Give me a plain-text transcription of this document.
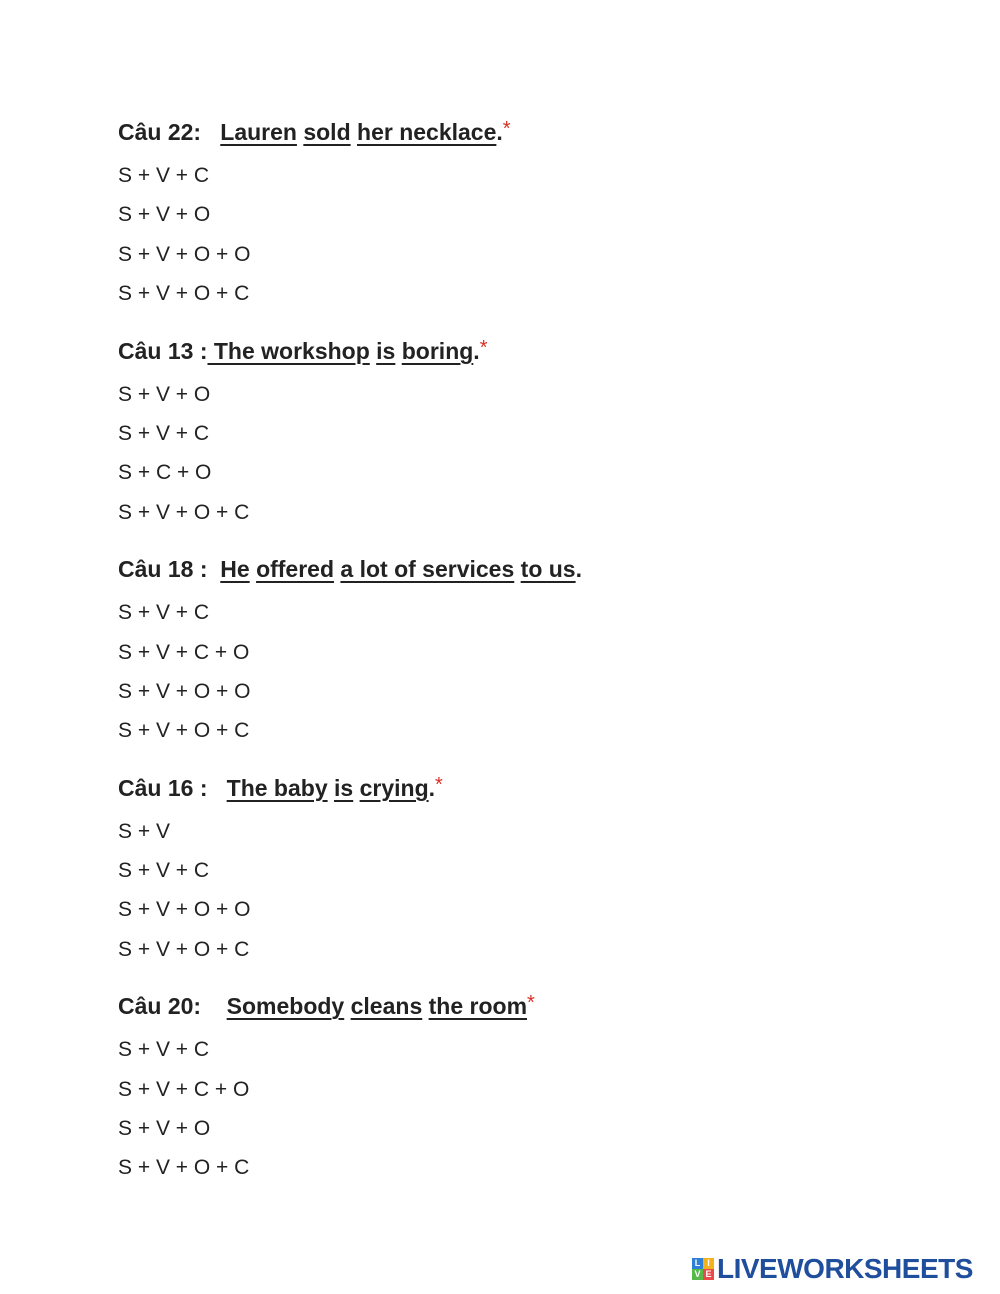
Câu 22:   Lauren sold her necklace.*
S + V + C
S + V + O
S + V + O + O
S + V + O + C
Câu 13 : The workshop is boring.*
S + V + O
S + V + C
S + C + O
S + V + O + C
Câu 18 :  He offered a lot of services to us.
S + V + C
S + V + C + O
S + V + O + O
S + V + O + C
Câu 16 :   The baby is crying.*
S + V
S + V + C
S + V + O + O
S + V + O + C
Câu 20:    Somebody cleans the room*
S + V + C
S + V + C + O
S + V + O
S + V + O + C
L I
V E LIVEWORKSHEETS
